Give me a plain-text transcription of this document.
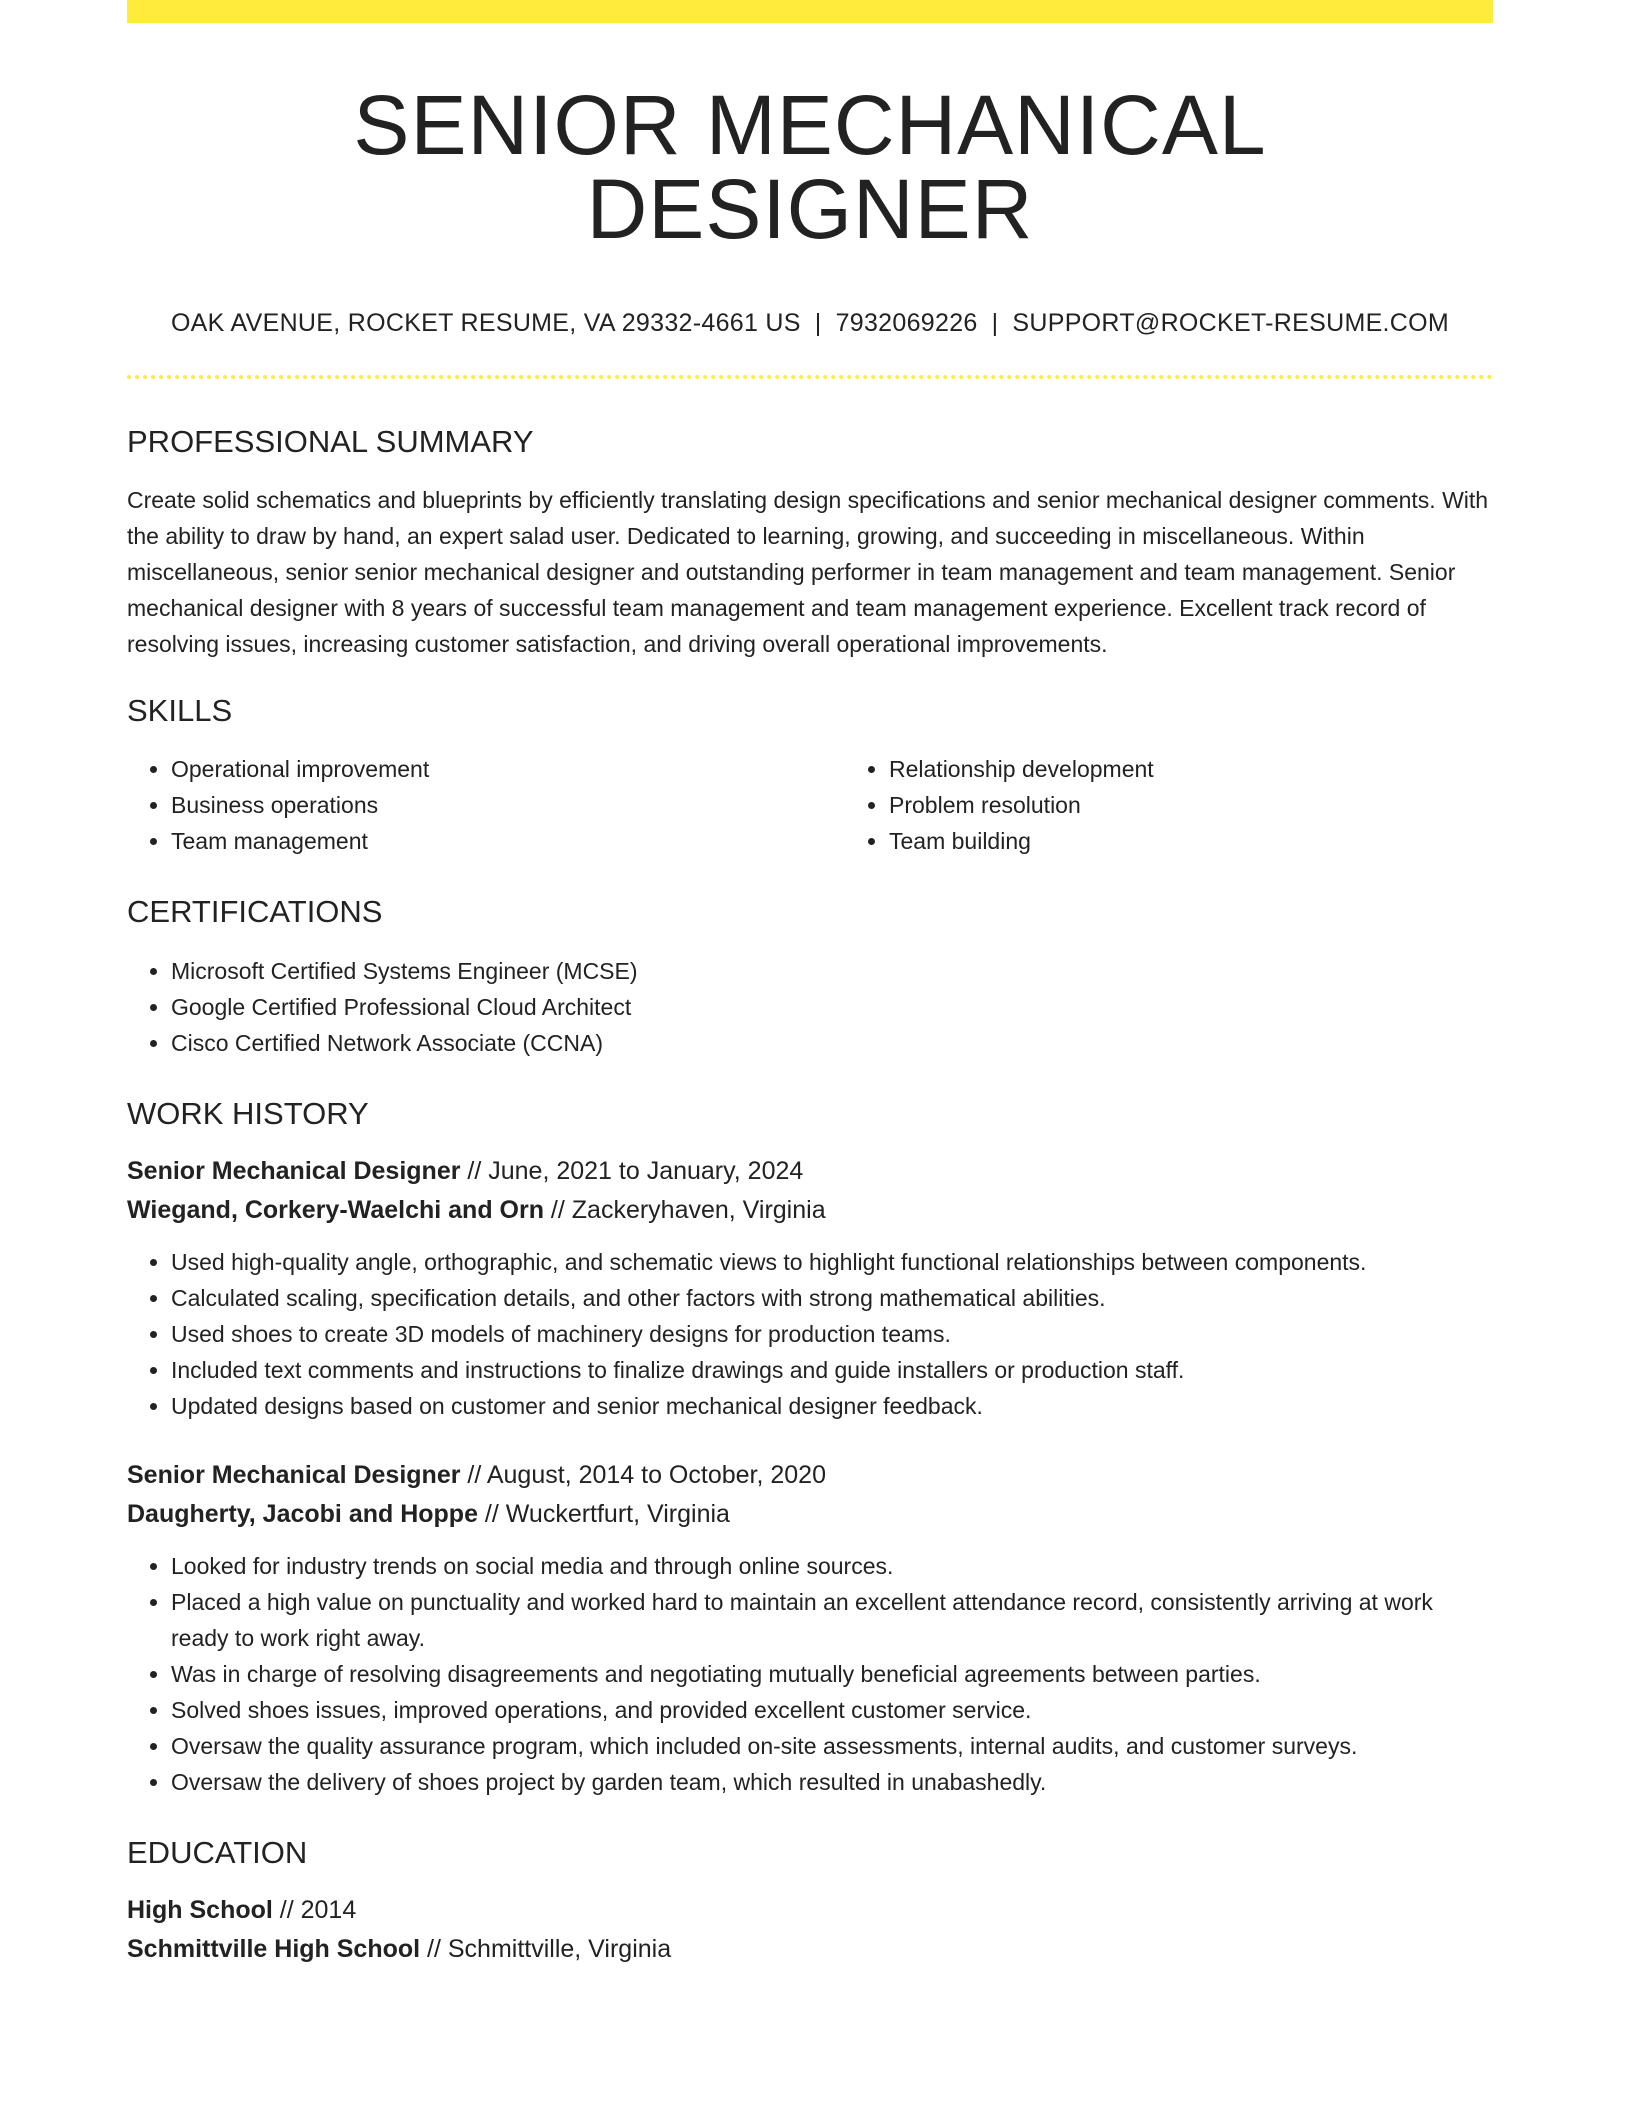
SENIOR MECHANICAL DESIGNER
OAK AVENUE, ROCKET RESUME, VA 29332-4661 US | 7932069226 | SUPPORT@ROCKET-RESUME.COM
PROFESSIONAL SUMMARY

Create solid schematics and blueprints by efficiently translating design specifications and senior mechanical designer comments. With the ability to draw by hand, an expert salad user. Dedicated to learning, growing, and succeeding in miscellaneous. Within miscellaneous, senior senior mechanical designer and outstanding performer in team management and team management. Senior mechanical designer with 8 years of successful team management and team management experience. Excellent track record of resolving issues, increasing customer satisfaction, and driving overall operational improvements.

SKILLS
• Operational improvement
• Business operations
• Team management
• Relationship development
• Problem resolution
• Team building
CERTIFICATIONS
• Microsoft Certified Systems Engineer (MCSE)
• Google Certified Professional Cloud Architect
• Cisco Certified Network Associate (CCNA)
WORK HISTORY
Senior Mechanical Designer // June, 2021 to January, 2024
Wiegand, Corkery-Waelchi and Orn // Zackeryhaven, Virginia
• Used high-quality angle, orthographic, and schematic views to highlight functional relationships between components.
• Calculated scaling, specification details, and other factors with strong mathematical abilities.
• Used shoes to create 3D models of machinery designs for production teams.
• Included text comments and instructions to finalize drawings and guide installers or production staff.
• Updated designs based on customer and senior mechanical designer feedback.
Senior Mechanical Designer // August, 2014 to October, 2020
Daugherty, Jacobi and Hoppe // Wuckertfurt, Virginia
• Looked for industry trends on social media and through online sources.
• Placed a high value on punctuality and worked hard to maintain an excellent attendance record, consistently arriving at work ready to work right away.
• Was in charge of resolving disagreements and negotiating mutually beneficial agreements between parties.
• Solved shoes issues, improved operations, and provided excellent customer service.
• Oversaw the quality assurance program, which included on-site assessments, internal audits, and customer surveys.
• Oversaw the delivery of shoes project by garden team, which resulted in unabashedly.
EDUCATION
High School // 2014
Schmittville High School // Schmittville, Virginia
